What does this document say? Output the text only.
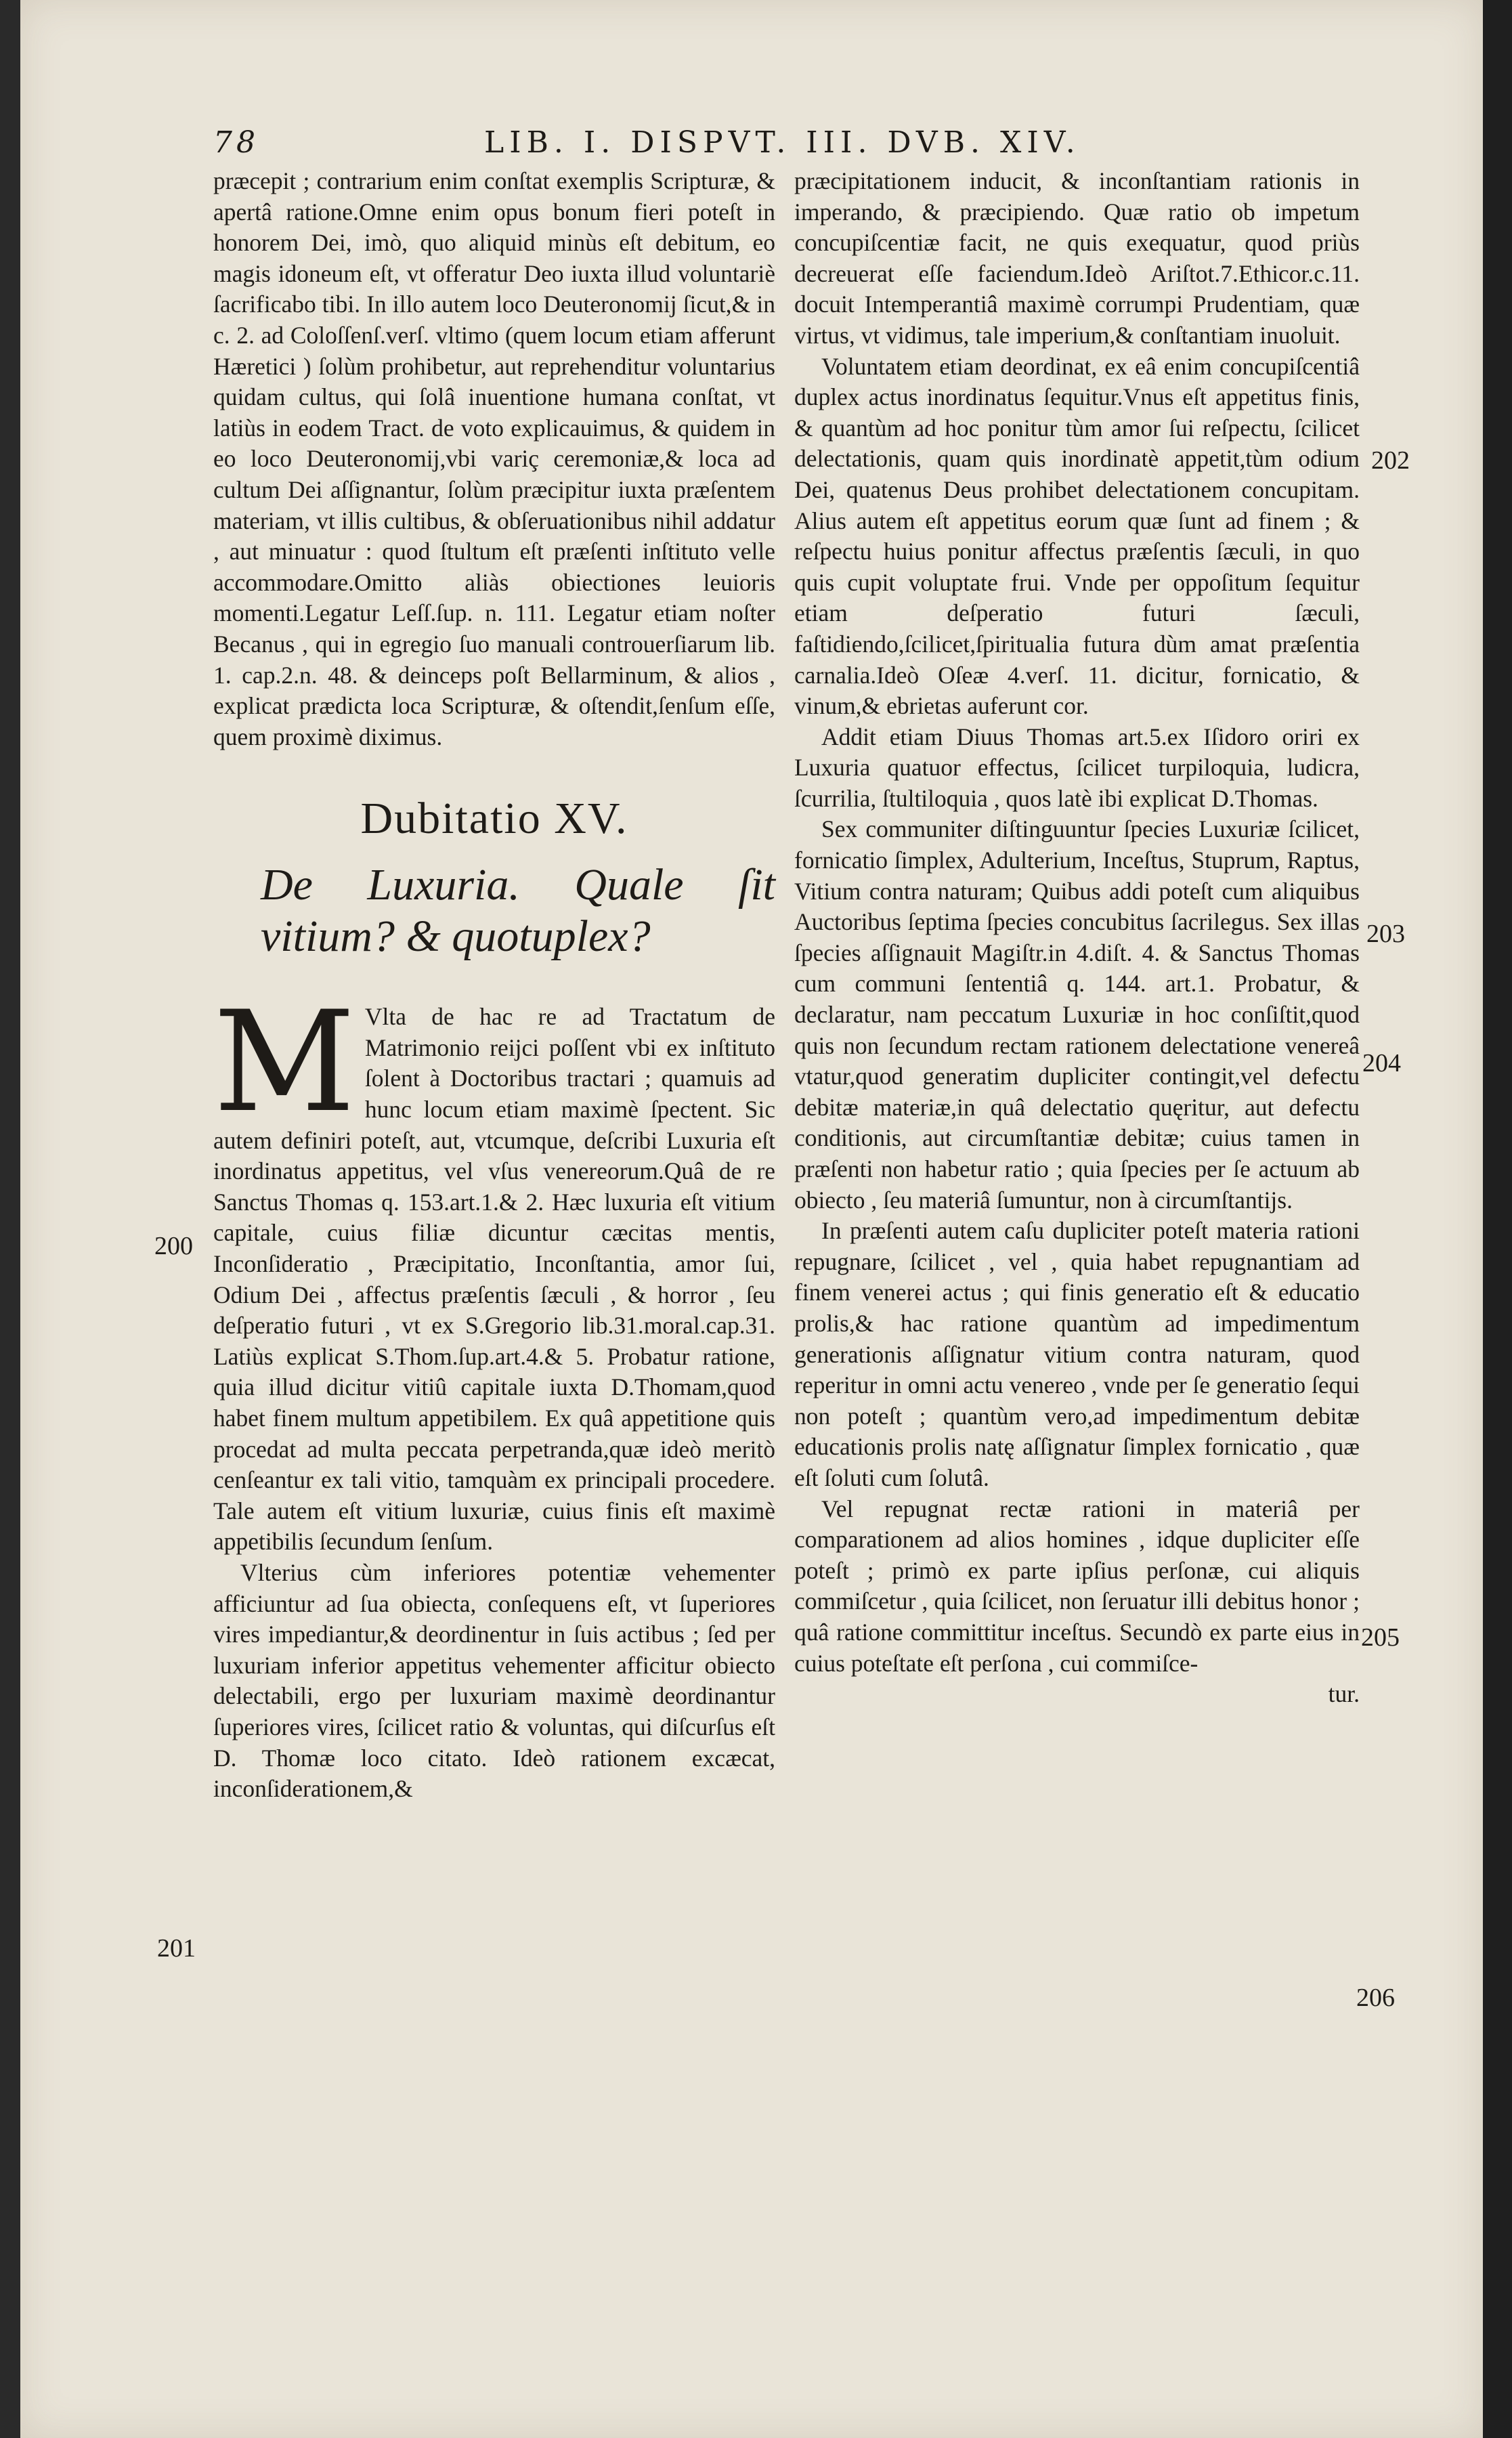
78	LIB. I. DISPVT. III. DVB. XIV.

præcepit ; contrarium enim conſtat exemplis Scripturæ, & apertâ ratione.Omne enim opus bonum fieri poteſt in honorem Dei, imò, quo aliquid minùs eſt debitum, eo magis idoneum eſt, vt offeratur Deo iuxta illud voluntariè ſacrificabo tibi. In illo autem loco Deuteronomij ſicut,& in c. 2. ad Coloſſenſ.verſ. vltimo (quem locum etiam afferunt Hæretici ) ſolùm prohibetur, aut reprehenditur voluntarius quidam cultus, qui ſolâ inuentione humana conſtat, vt latiùs in eodem Tract. de voto explicauimus, & quidem in eo loco Deuteronomij,vbi variç ceremoniæ,& loca ad cultum Dei aſſignantur, ſolùm præcipitur iuxta præſentem materiam, vt illis cultibus, & obſeruationibus nihil addatur , aut minuatur : quod ſtultum eſt præſenti inſtituto velle accommodare.Omitto aliàs obiectiones leuioris momenti.Legatur Leſſ.ſup. n. 111. Legatur etiam noſter Becanus , qui in egregio ſuo manuali controuerſiarum lib. 1. cap.2.n. 48. & deinceps poſt Bellarminum, & alios , explicat prædicta loca Scripturæ, & oſtendit,ſenſum eſſe, quem proximè diximus.

Dubitatio XV.
De Luxuria. Quale ſit vitium? & quotuplex?

M Vlta de hac re ad Tractatum de Matrimonio reijci poſſent vbi ex inſtituto ſolent à Doctoribus tractari ; quamuis ad hunc locum etiam maximè ſpectent. Sic autem definiri poteſt, aut, vtcumque, deſcribi Luxuria eſt inordinatus appetitus, vel vſus venereorum.Quâ de re Sanctus Thomas q. 153.art.1.& 2. Hæc luxuria eſt vitium capitale, cuius filiæ dicuntur cæcitas mentis, Inconſideratio , Præcipitatio, Inconſtantia, amor ſui, Odium Dei , affectus præſentis ſæculi , & horror , ſeu deſperatio futuri , vt ex S.Gregorio lib.31.moral.cap.31. Latiùs explicat S.Thom.ſup.art.4.& 5. Probatur ratione, quia illud dicitur vitiû capitale iuxta D.Thomam,quod habet finem multum appetibilem. Ex quâ appetitione quis procedat ad multa peccata perpetranda,quæ ideò meritò cenſeantur ex tali vitio, tamquàm ex principali procedere. Tale autem eſt vitium luxuriæ, cuius finis eſt maximè appetibilis ſecundum ſenſum.

Vlterius cùm inferiores potentiæ vehementer afficiuntur ad ſua obiecta, conſequens eſt, vt ſuperiores vires impediantur,& deordinentur in ſuis actibus ; ſed per luxuriam inferior appetitus vehementer afficitur obiecto delectabili, ergo per luxuriam maximè deordinantur ſuperiores vires, ſcilicet ratio & voluntas, qui diſcurſus eſt D. Thomæ loco citato. Ideò rationem excæcat, inconſiderationem,&

præcipitationem inducit, & inconſtantiam rationis in imperando, & præcipiendo. Quæ ratio ob impetum concupiſcentiæ facit, ne quis exequatur, quod priùs decreuerat eſſe faciendum.Ideò Ariſtot.7.Ethicor.c.11. docuit Intemperantiâ maximè corrumpi Prudentiam, quæ virtus, vt vidimus, tale imperium,& conſtantiam inuoluit.

Voluntatem etiam deordinat, ex eâ enim concupiſcentiâ duplex actus inordinatus ſequitur.Vnus eſt appetitus finis, & quantùm ad hoc ponitur tùm amor ſui reſpectu, ſcilicet delectationis, quam quis inordinatè appetit,tùm odium Dei, quatenus Deus prohibet delectationem concupitam. Alius autem eſt appetitus eorum quæ ſunt ad finem ; & reſpectu huius ponitur affectus præſentis ſæculi, in quo quis cupit voluptate frui. Vnde per oppoſitum ſequitur etiam deſperatio futuri ſæculi, faſtidiendo,ſcilicet,ſpiritualia futura dùm amat præſentia carnalia.Ideò Oſeæ 4.verſ. 11. dicitur, fornicatio, & vinum,& ebrietas auferunt cor.

Addit etiam Diuus Thomas art.5.ex Iſidoro oriri ex Luxuria quatuor effectus, ſcilicet turpiloquia, ludicra, ſcurrilia, ſtultiloquia , quos latè ibi explicat D.Thomas.

Sex communiter diſtinguuntur ſpecies Luxuriæ ſcilicet, fornicatio ſimplex, Adulterium, Inceſtus, Stuprum, Raptus, Vitium contra naturam; Quibus addi poteſt cum aliquibus Auctoribus ſeptima ſpecies concubitus ſacrilegus. Sex illas ſpecies aſſignauit Magiſtr.in 4.diſt. 4. & Sanctus Thomas cum communi ſententiâ q. 144. art.1. Probatur, & declaratur, nam peccatum Luxuriæ in hoc conſiſtit,quod quis non ſecundum rectam rationem delectatione venereâ vtatur,quod generatim dupliciter contingit,vel defectu debitæ materiæ,in quâ delectatio quęritur, aut defectu conditionis, aut circumſtantiæ debitæ; cuius tamen in præſenti non habetur ratio ; quia ſpecies per ſe actuum ab obiecto , ſeu materiâ ſumuntur, non à circumſtantijs.

In præſenti autem caſu dupliciter poteſt materia rationi repugnare, ſcilicet , vel , quia habet repugnantiam ad finem venerei actus ; qui finis generatio eſt & educatio prolis,& hac ratione quantùm ad impedimentum generationis aſſignatur vitium contra naturam, quod reperitur in omni actu venereo , vnde per ſe generatio ſequi non poteſt ; quantùm vero,ad impedimentum debitæ educationis prolis natę aſſignatur ſimplex fornicatio , quæ eſt ſoluti cum ſolutâ.

Vel repugnat rectæ rationi in materiâ per comparationem ad alios homines , idque dupliciter eſſe poteſt ; primò ex parte ipſius perſonæ, cui aliquis commiſcetur , quia ſcilicet, non ſeruatur illi debitus honor ; quâ ratione committitur inceſtus. Secundò ex parte eius in cuius poteſtate eſt perſona , cui commiſce-

tur.

200
201
202
203
204
205
206
